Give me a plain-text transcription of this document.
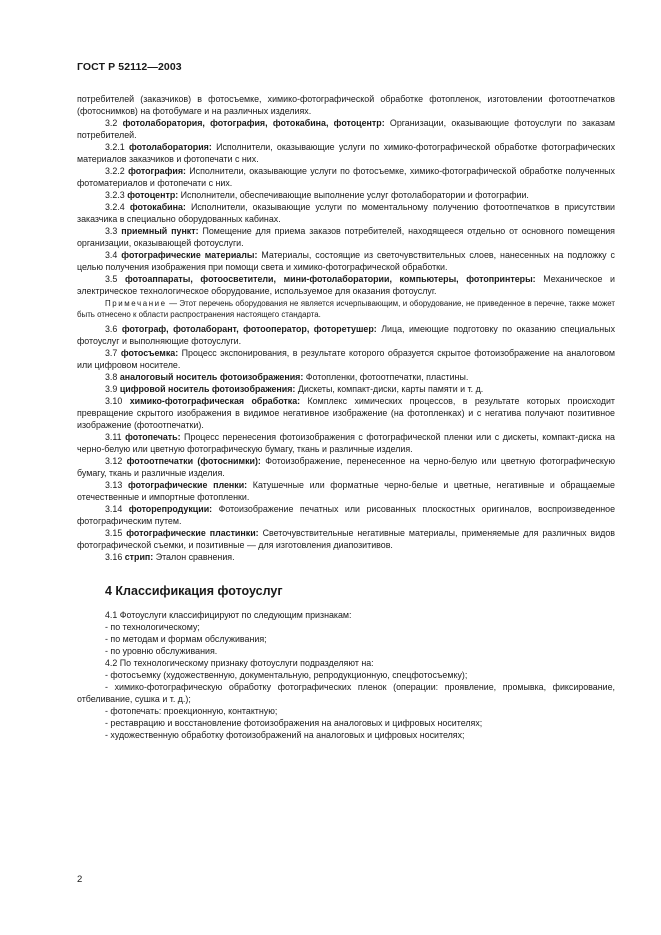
ГОСТ Р 52112—2003

потребителей (заказчиков) в фотосъемке, химико-фотографической обработке фотопленок, изготовлении фотоотпечатков (фотоснимков) на фотобумаге и на различных изделиях.

3.2 фотолаборатория, фотография, фотокабина, фотоцентр: Организации, оказывающие фотоуслуги по заказам потребителей.

3.2.1 фотолаборатория: Исполнители, оказывающие услуги по химико-фотографической обработке фотографических материалов заказчиков и фотопечати с них.

3.2.2 фотография: Исполнители, оказывающие услуги по фотосъемке, химико-фотографической обработке полученных фотоматериалов и фотопечати с них.

3.2.3 фотоцентр: Исполнители, обеспечивающие выполнение услуг фотолаборатории и фотографии.

3.2.4 фотокабина: Исполнители, оказывающие услуги по моментальному получению фотоотпечатков в присутствии заказчика в специально оборудованных кабинах.

3.3 приемный пункт: Помещение для приема заказов потребителей, находящееся отдельно от основного помещения организации, оказывающей фотоуслуги.

3.4 фотографические материалы: Материалы, состоящие из светочувствительных слоев, нанесенных на подложку с целью получения изображения при помощи света и химико-фотографической обработки.

3.5 фотоаппараты, фотоосветители, мини-фотолаборатории, компьютеры, фотопринтеры: Механическое и электрическое технологическое оборудование, используемое для оказания фотоуслуг.

Примечание — Этот перечень оборудования не является исчерпывающим, и оборудование, не приведенное в перечне, также может быть отнесено к области распространения настоящего стандарта.

3.6 фотограф, фотолаборант, фотооператор, фоторетушер: Лица, имеющие подготовку по оказанию специальных фотоуслуг и выполняющие фотоуслуги.

3.7 фотосъемка: Процесс экспонирования, в результате которого образуется скрытое фотоизображение на аналоговом или цифровом носителе.

3.8 аналоговый носитель фотоизображения: Фотопленки, фотоотпечатки, пластины.

3.9 цифровой носитель фотоизображения: Дискеты, компакт-диски, карты памяти и т. д.

3.10 химико-фотографическая обработка: Комплекс химических процессов, в результате которых происходит превращение скрытого изображения в видимое негативное изображение (на фотопленках) и с негатива получают позитивное изображение (фотоотпечатки).

3.11 фотопечать: Процесс перенесения фотоизображения с фотографической пленки или с дискеты, компакт-диска на черно-белую или цветную фотографическую бумагу, ткань и различные изделия.

3.12 фотоотпечатки (фотоснимки): Фотоизображение, перенесенное на черно-белую или цветную фотографическую бумагу, ткань и различные изделия.

3.13 фотографические пленки: Катушечные или форматные черно-белые и цветные, негативные и обращаемые отечественные и импортные фотопленки.

3.14 фоторепродукции: Фотоизображение печатных или рисованных плоскостных оригиналов, воспроизведенное фотографическим путем.

3.15 фотографические пластинки: Светочувствительные негативные материалы, применяемые для различных видов фотографической съемки, и позитивные — для изготовления диапозитивов.

3.16 стрип: Эталон сравнения.

4 Классификация фотоуслуг

4.1 Фотоуслуги классифицируют по следующим признакам:

- по технологическому;

- по методам и формам обслуживания;

- по уровню обслуживания.

4.2 По технологическому признаку фотоуслуги подразделяют на:

- фотосъемку (художественную, документальную, репродукционную, спецфотосъемку);

- химико-фотографическую обработку фотографических пленок (операции: проявление, промывка, фиксирование, отбеливание, сушка и т. д.);

- фотопечать: проекционную, контактную;

- реставрацию и восстановление фотоизображения на аналоговых и цифровых носителях;

- художественную обработку фотоизображений на аналоговых и цифровых носителях;

2
